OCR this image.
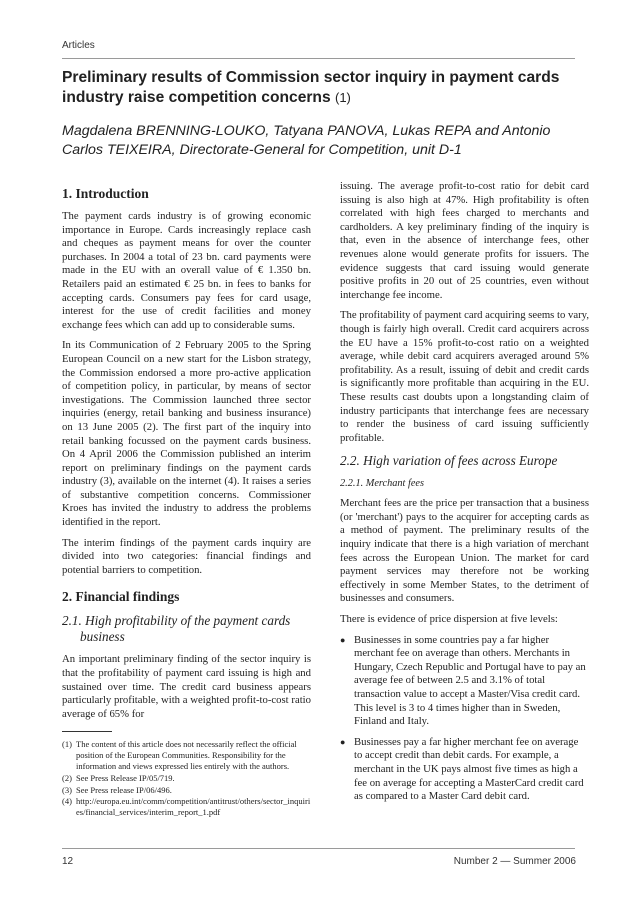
Articles
Preliminary results of Commission sector inquiry in payment cards industry raise competition concerns (1)
Magdalena BRENNING-LOUKO, Tatyana PANOVA, Lukas REPA and Antonio Carlos TEIXEIRA, Directorate-General for Competition, unit D-1
1. Introduction

The payment cards industry is of growing economic importance in Europe. Cards increasingly replace cash and cheques as payment means for over the counter purchases. In 2004 a total of 23 bn. card payments were made in the EU with an overall value of € 1.350 bn. Retailers paid an estimated € 25 bn. in fees to banks for accepting cards. Consumers pay fees for card usage, interest for the use of credit facilities and money exchange fees which can add up to considerable sums.

In its Communication of 2 February 2005 to the Spring European Council on a new start for the Lisbon strategy, the Commission endorsed a more pro-active application of competition policy, in particular, by means of sector investigations. The Commission launched three sector inquiries (energy, retail banking and business insurance) on 13 June 2005 (2). The first part of the inquiry into retail banking focussed on the payment cards business. On 4 April 2006 the Commission published an interim report on preliminary findings on the payment cards industry (3), available on the internet (4). It raises a series of substantive competition concerns. Commissioner Kroes has invited the industry to address the problems identified in the report.

The interim findings of the payment cards inquiry are divided into two categories: financial findings and potential barriers to competition.

2. Financial findings
2.1. High profitability of the payment cards
business

An important preliminary finding of the sector inquiry is that the profitability of payment card issuing is high and sustained over time. The credit card business appears particularly profitable, with a weighted profit-to-cost ratio average of 65% for

(1) The content of this article does not necessarily reflect the official position of the European Communities. Responsibility for the information and views expressed lies entirely with the authors.
(2) See Press Release IP/05/719.
(3) See Press release IP/06/496.
(4) http://europa.eu.int/comm/competition/antitrust/others/sector_inquiries/financial_services/interim_report_1.pdf

issuing. The average profit-to-cost ratio for debit card issuing is also high at 47%. High profitability is often correlated with high fees charged to merchants and cardholders. A key preliminary finding of the inquiry is that, even in the absence of interchange fees, other revenues alone would generate profits for issuers. The evidence suggests that card issuing would generate positive profits in 20 out of 25 countries, even without interchange fee income.

The profitability of payment card acquiring seems to vary, though is fairly high overall. Credit card acquirers across the EU have a 15% profit-to-cost ratio on a weighted average, while debit card acquirers averaged around 5% profitability. As a result, issuing of debit and credit cards is significantly more profitable than acquiring in the EU. These results cast doubts upon a longstanding claim of industry participants that interchange fees are necessary to render the business of card issuing sufficiently profitable.

2.2. High variation of fees across Europe
2.2.1. Merchant fees

Merchant fees are the price per transaction that a business (or 'merchant') pays to the acquirer for accepting cards as a method of payment. The preliminary results of the inquiry indicate that there is a high variation of merchant fees across the European Union. The market for card payment services may therefore not be working effectively in some Member States, to the detriment of businesses and consumers.

There is evidence of price dispersion at five levels:

● Businesses in some countries pay a far higher merchant fee on average than others. Merchants in Hungary, Czech Republic and Portugal have to pay an average fee of between 2.5 and 3.1% of total transaction value to accept a Master/Visa credit card. This level is 3 to 4 times higher than in Sweden, Finland and Italy.
● Businesses pay a far higher merchant fee on average to accept credit than debit cards. For example, a merchant in the UK pays almost five times as high a fee on average for accepting a MasterCard credit card as compared to a Master Card debit card.
12	Number 2 — Summer 2006
